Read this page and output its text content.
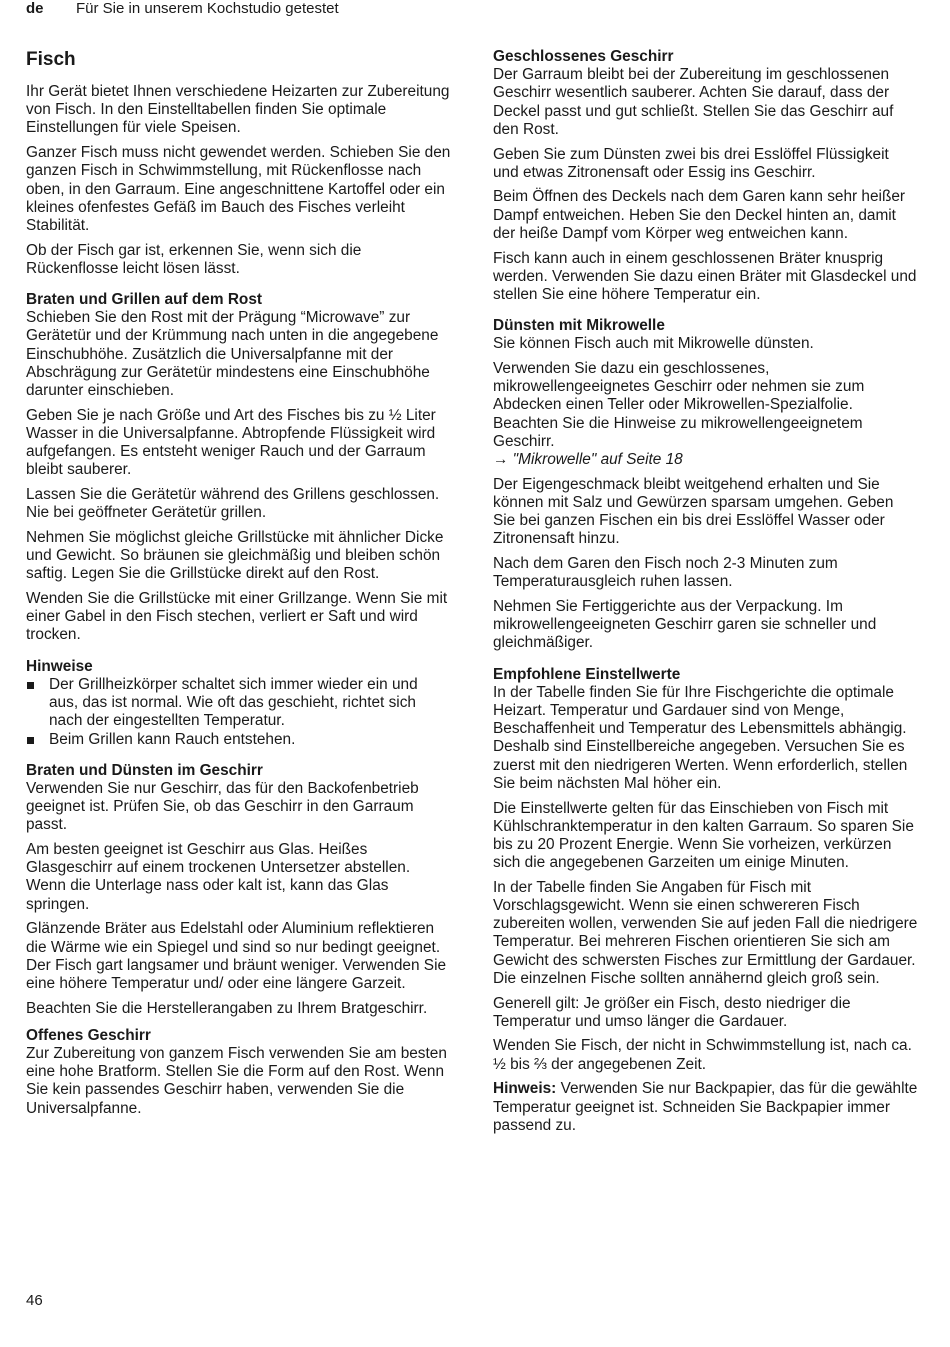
de Für Sie in unserem Kochstudio getestet
Fisch

Ihr Gerät bietet Ihnen verschiedene Heizarten zur Zubereitung von Fisch. In den Einstelltabellen finden Sie optimale Einstellungen für viele Speisen.

Ganzer Fisch muss nicht gewendet werden. Schieben Sie den ganzen Fisch in Schwimmstellung, mit Rückenflosse nach oben, in den Garraum. Eine angeschnittene Kartoffel oder ein kleines ofenfestes Gefäß im Bauch des Fisches verleiht Stabilität.

Ob der Fisch gar ist, erkennen Sie, wenn sich die Rückenflosse leicht lösen lässt.

Braten und Grillen auf dem Rost

Schieben Sie den Rost mit der Prägung “Microwave” zur Gerätetür und der Krümmung nach unten in die angegebene Einschubhöhe. Zusätzlich die Universalpfanne mit der Abschrägung zur Gerätetür mindestens eine Einschubhöhe darunter einschieben.

Geben Sie je nach Größe und Art des Fisches bis zu ½ Liter Wasser in die Universalpfanne. Abtropfende Flüssigkeit wird aufgefangen. Es entsteht weniger Rauch und der Garraum bleibt sauberer.

Lassen Sie die Gerätetür während des Grillens geschlossen. Nie bei geöffneter Gerätetür grillen.

Nehmen Sie möglichst gleiche Grillstücke mit ähnlicher Dicke und Gewicht. So bräunen sie gleichmäßig und bleiben schön saftig. Legen Sie die Grillstücke direkt auf den Rost.

Wenden Sie die Grillstücke mit einer Grillzange. Wenn Sie mit einer Gabel in den Fisch stechen, verliert er Saft und wird trocken.

Hinweise
Der Grillheizkörper schaltet sich immer wieder ein und aus, das ist normal. Wie oft das geschieht, richtet sich nach der eingestellten Temperatur.
Beim Grillen kann Rauch entstehen.
Braten und Dünsten im Geschirr

Verwenden Sie nur Geschirr, das für den Backofenbetrieb geeignet ist. Prüfen Sie, ob das Geschirr in den Garraum passt.

Am besten geeignet ist Geschirr aus Glas. Heißes Glasgeschirr auf einem trockenen Untersetzer abstellen. Wenn die Unterlage nass oder kalt ist, kann das Glas springen.

Glänzende Bräter aus Edelstahl oder Aluminium reflektieren die Wärme wie ein Spiegel und sind so nur bedingt geeignet. Der Fisch gart langsamer und bräunt weniger. Verwenden Sie eine höhere Temperatur und/ oder eine längere Garzeit.

Beachten Sie die Herstellerangaben zu Ihrem Bratgeschirr.

Offenes Geschirr

Zur Zubereitung von ganzem Fisch verwenden Sie am besten eine hohe Bratform. Stellen Sie die Form auf den Rost. Wenn Sie kein passendes Geschirr haben, verwenden Sie die Universalpfanne.

Geschlossenes Geschirr

Der Garraum bleibt bei der Zubereitung im geschlossenen Geschirr wesentlich sauberer. Achten Sie darauf, dass der Deckel passt und gut schließt. Stellen Sie das Geschirr auf den Rost.

Geben Sie zum Dünsten zwei bis drei Esslöffel Flüssigkeit und etwas Zitronensaft oder Essig ins Geschirr.

Beim Öffnen des Deckels nach dem Garen kann sehr heißer Dampf entweichen. Heben Sie den Deckel hinten an, damit der heiße Dampf vom Körper weg entweichen kann.

Fisch kann auch in einem geschlossenen Bräter knusprig werden. Verwenden Sie dazu einen Bräter mit Glasdeckel und stellen Sie eine höhere Temperatur ein.

Dünsten mit Mikrowelle

Sie können Fisch auch mit Mikrowelle dünsten.

Verwenden Sie dazu ein geschlossenes, mikrowellengeeignetes Geschirr oder nehmen sie zum Abdecken einen Teller oder Mikrowellen-Spezialfolie. Beachten Sie die Hinweise zu mikrowellengeeignetem Geschirr.
→ "Mikrowelle" auf Seite 18

Der Eigengeschmack bleibt weitgehend erhalten und Sie können mit Salz und Gewürzen sparsam umgehen. Geben Sie bei ganzen Fischen ein bis drei Esslöffel Wasser oder Zitronensaft hinzu.

Nach dem Garen den Fisch noch 2-3 Minuten zum Temperaturausgleich ruhen lassen.

Nehmen Sie Fertiggerichte aus der Verpackung. Im mikrowellengeeigneten Geschirr garen sie schneller und gleichmäßiger.

Empfohlene Einstellwerte

In der Tabelle finden Sie für Ihre Fischgerichte die optimale Heizart. Temperatur und Gardauer sind von Menge, Beschaffenheit und Temperatur des Lebensmittels abhängig. Deshalb sind Einstellbereiche angegeben. Versuchen Sie es zuerst mit den niedrigeren Werten. Wenn erforderlich, stellen Sie beim nächsten Mal höher ein.

Die Einstellwerte gelten für das Einschieben von Fisch mit Kühlschranktemperatur in den kalten Garraum. So sparen Sie bis zu 20 Prozent Energie. Wenn Sie vorheizen, verkürzen sich die angegebenen Garzeiten um einige Minuten.

In der Tabelle finden Sie Angaben für Fisch mit Vorschlagsgewicht. Wenn sie einen schwereren Fisch zubereiten wollen, verwenden Sie auf jeden Fall die niedrigere Temperatur. Bei mehreren Fischen orientieren Sie sich am Gewicht des schwersten Fisches zur Ermittlung der Gardauer. Die einzelnen Fische sollten annähernd gleich groß sein.

Generell gilt: Je größer ein Fisch, desto niedriger die Temperatur und umso länger die Gardauer.

Wenden Sie Fisch, der nicht in Schwimmstellung ist, nach ca. ½ bis ⅔ der angegebenen Zeit.

Hinweis: Verwenden Sie nur Backpapier, das für die gewählte Temperatur geeignet ist. Schneiden Sie Backpapier immer passend zu.

46
